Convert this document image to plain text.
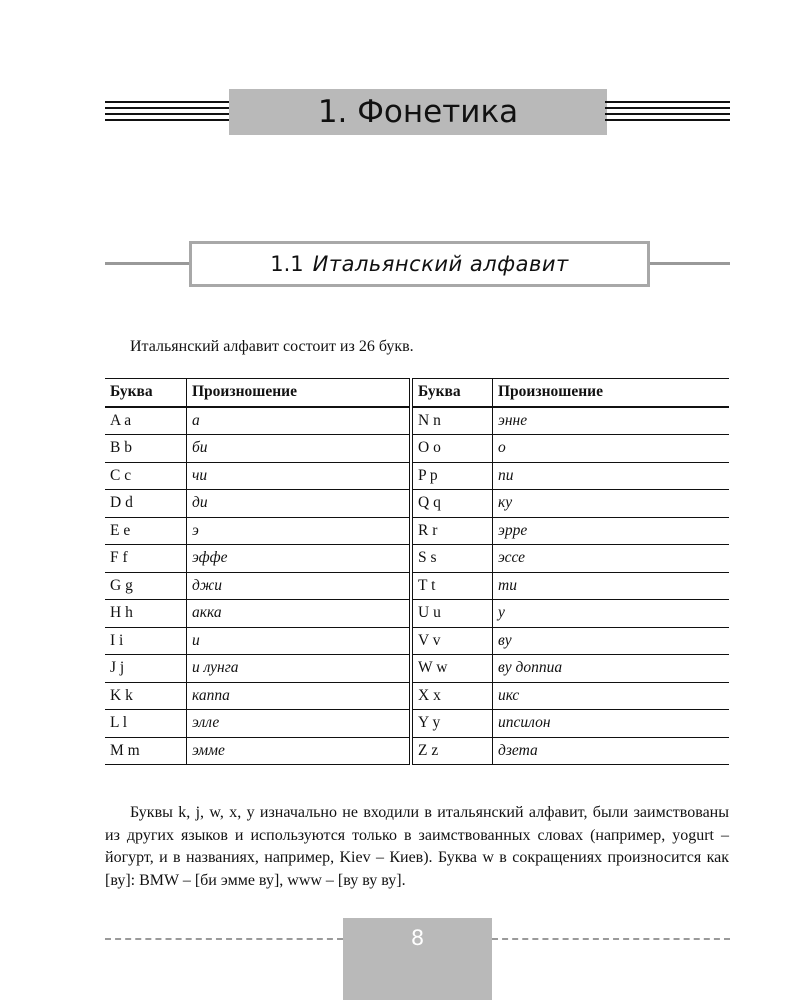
1. Фонетика
1.1 Итальянский алфавит
Итальянский алфавит состоит из 26 букв.
Буква	Произношение	Буква	Произношение
A a	а	N n	энне
B b	би	O o	о
C c	чи	P p	пи
D d	ди	Q q	ку
E e	э	R r	эрре
F f	эффе	S s	эссе
G g	джи	T t	ти
H h	акка	U u	у
I i	и	V v	ву
J j	и лунга	W w	ву доппиа
K k	каппа	X x	икс
L l	элле	Y y	ипсилон
M m	эмме	Z z	дзета
Буквы k, j, w, x, y изначально не входили в итальянский алфавит, были заимствованы из других языков и используются только в заимствованных словах (например, yogurt – йогурт, и в названиях, например, Kiev – Киев). Буква w в сокращениях произносится как [ву]: BMW – [би эмме ву], www – [ву ву ву].
8
